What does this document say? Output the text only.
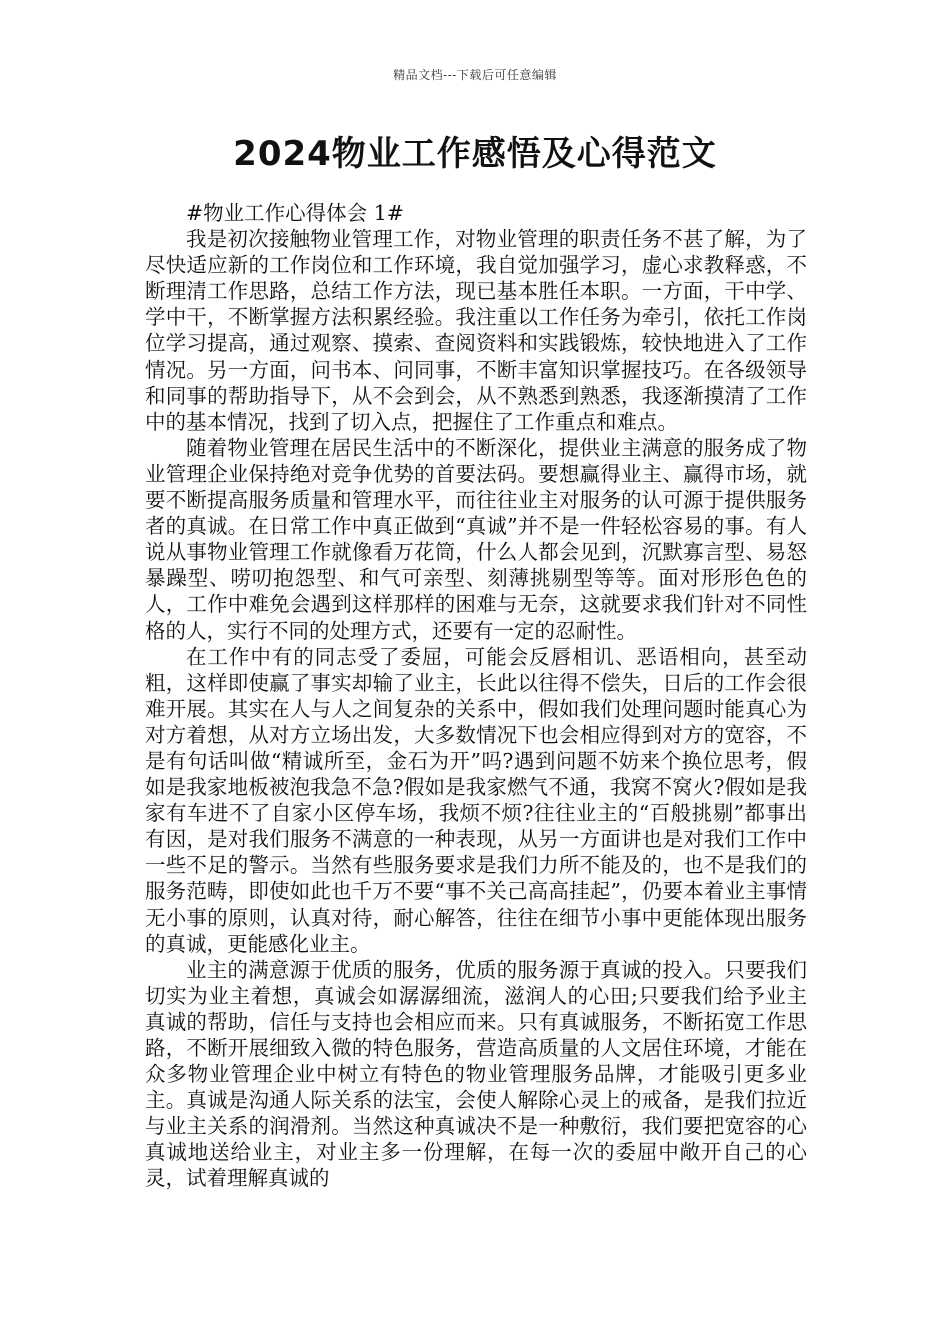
精品文档---下载后可任意编辑
2024物业工作感悟及心得范文

#物业工作心得体会 1#

我是初次接触物业管理工作，对物业管理的职责任务不甚了解，为了尽快适应新的工作岗位和工作环境，我自觉加强学习，虚心求教释惑，不断理清工作思路，总结工作方法，现已基本胜任本职。一方面，干中学、学中干，不断掌握方法积累经验。我注重以工作任务为牵引，依托工作岗位学习提高，通过观察、摸索、查阅资料和实践锻炼，较快地进入了工作情况。另一方面，问书本、问同事，不断丰富知识掌握技巧。在各级领导和同事的帮助指导下，从不会到会，从不熟悉到熟悉，我逐渐摸清了工作中的基本情况，找到了切入点，把握住了工作重点和难点。

随着物业管理在居民生活中的不断深化，提供业主满意的服务成了物业管理企业保持绝对竞争优势的首要法码。要想赢得业主、赢得市场，就要不断提高服务质量和管理水平，而往往业主对服务的认可源于提供服务者的真诚。在日常工作中真正做到“真诚”并不是一件轻松容易的事。有人说从事物业管理工作就像看万花筒，什么人都会见到，沉默寡言型、易怒暴躁型、唠叨抱怨型、和气可亲型、刻薄挑剔型等等。面对形形色色的人，工作中难免会遇到这样那样的困难与无奈，这就要求我们针对不同性格的人，实行不同的处理方式，还要有一定的忍耐性。

在工作中有的同志受了委屈，可能会反唇相讥、恶语相向，甚至动粗，这样即使赢了事实却输了业主，长此以往得不偿失，日后的工作会很难开展。其实在人与人之间复杂的关系中，假如我们处理问题时能真心为对方着想，从对方立场出发，大多数情况下也会相应得到对方的宽容，不是有句话叫做“精诚所至，金石为开”吗?遇到问题不妨来个换位思考，假如是我家地板被泡我急不急?假如是我家燃气不通，我窝不窝火?假如是我家有车进不了自家小区停车场，我烦不烦?往往业主的“百般挑剔”都事出有因，是对我们服务不满意的一种表现，从另一方面讲也是对我们工作中一些不足的警示。当然有些服务要求是我们力所不能及的，也不是我们的服务范畴，即使如此也千万不要“事不关己高高挂起”，仍要本着业主事情无小事的原则，认真对待，耐心解答，往往在细节小事中更能体现出服务的真诚，更能感化业主。

业主的满意源于优质的服务，优质的服务源于真诚的投入。只要我们切实为业主着想，真诚会如潺潺细流，滋润人的心田;只要我们给予业主真诚的帮助，信任与支持也会相应而来。只有真诚服务，不断拓宽工作思路，不断开展细致入微的特色服务，营造高质量的人文居住环境，才能在众多物业管理企业中树立有特色的物业管理服务品牌，才能吸引更多业主。真诚是沟通人际关系的法宝，会使人解除心灵上的戒备，是我们拉近与业主关系的润滑剂。当然这种真诚决不是一种敷衍，我们要把宽容的心真诚地送给业主，对业主多一份理解，在每一次的委屈中敞开自己的心灵，试着理解真诚的
